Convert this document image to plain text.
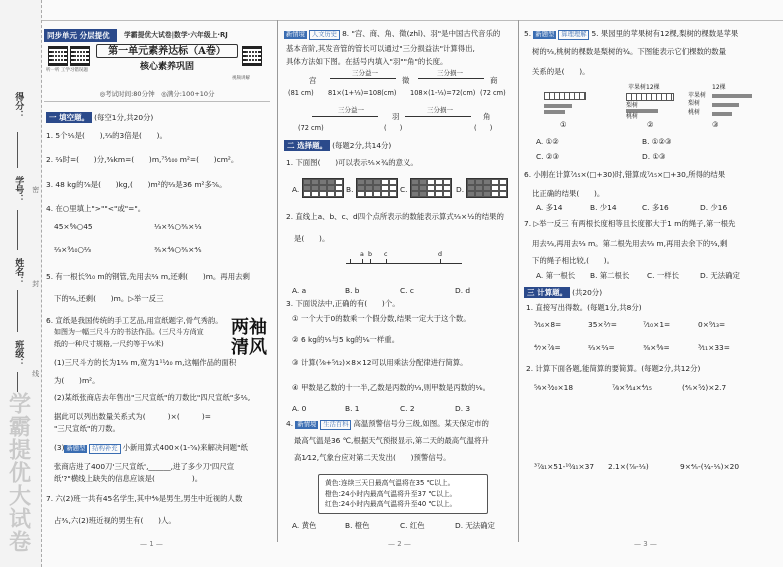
得分：
学号：
姓名：
班级：
密
封
线
学霸提优大试卷
同步单元 分层提优	学霸提优大试卷|数学·六年级上·RJ
听一听 工学习错误题
第一单元素养达标（A卷）
核心素养巩固
视频讲解
◎考试时间:80分钟　◎满分:100+10分
一 填空题。 (每空1分,共20分)
1. 5个⅕是(　　),⅔的3倍是(　　)。
2. ⅔时=(　　)分,⅜km=(　　)m,⁷⁵⁄₁₀₀ m²=(　　)cm²。
3. 48 kg的⅞是(　　)kg,(　　)m²的⅔是36 m²多⅚。
4. 在○里填上">""<"或"="。
45×⁸⁄₉○45	⅓×⅗○⅗×⅓
⅔×⁹⁄₁₀○⅔	⅗×⁴⁄₉○⅗×⅘
5. 有一根长⁹⁄₁₀ m的钢管,先用去⅔ m,还剩(　　)m。再用去剩
下的⅖,还剩(　　)m。▷举一反三
6. 宣纸是我国传统的手工艺品,用宣纸题字,骨气秀韵。
如图为一幅三尺斗方的书法作品。(三尺斗方尚宣
纸的一种尺寸规格,一尺约等于⅓米)
两袖清风
(1)三尺斗方的长为1⅔ m,宽为1¹¹⁄₂₀ m,这幅作品的面积
为(　　)m²。
(2)某纸张商店去年售出"三尺宣纸"的刀数比"四尺宣纸"多⅖,
据此可以列出数量关系式为(　　　)×(　　　)=
"三尺宣纸"的刀数。
(3) 新题型 结构补充 小新用算式400×(1-⅝)来解决问题"纸
张商店进了400刀'三尺宣纸',______,进了多少刀'四尺宣
纸'?"横线上缺失的信息应该是(　　　　　)。
7. 六(2)班一共有45名学生,其中⁴⁄₉是男生,男生中近视的人数
占⅗,六(2)班近视的男生有(　　)人。
— 1 —
新情境 人文历史 8. "宫、商、角、徵(zhǐ)、羽"是中国古代音乐的
基本音阶,其发音管的管长可以通过"三分损益法"计算得出,
具体方法如下图。在括号内填入"羽""角"的长度。
宫
三分益一
徵
三分损一
商
(81 cm) 81×(1+⅓)=108(cm) 108×(1-⅓)=72(cm) (72 cm)
三分益一
羽
三分损一
角
(72 cm)	(　　)	(　　)
二 选择题。 (每题2分,共14分)
1. 下面图(　　)可以表示⅖×¾的意义。
A.	B.	C.	D.
2. 直线上a、b、c、d四个点所表示的数能表示算式⅔×½的结果的
是(　　)。
a b c	d
A. a	B. b	C. c	D. d
3. 下面说法中,正确的有(　　)个。
① 一个大于0的数乘一个假分数,结果一定大于这个数。
② 6 kg的⅕与5 kg的⅙一样重。
③ 计算(⁷⁄₈+⁵⁄₁₂)×8×12可以用乘法分配律进行简算。
④ 甲数是乙数的十一半,乙数是丙数的⅓,则甲数是丙数的⅙。
A. 0	B. 1	C. 2	D. 3
4. 新情境 生活百科 高温预警信号分三级,如图。某天保定市的
最高气温是36 ℃,根据天气预报显示,第二天的最高气温将升
高1⁄12,气象台应对第二天发出(　　)预警信号。
黄色:连续三天日最高气温将在35 ℃以上。
橙色:24小时内最高气温将升至37 ℃以上。
红色:24小时内最高气温将升至40 ℃以上。
A. 黄色	B. 橙色	C. 红色	D. 无法确定
— 2 —
5. 新题型 算理理解 5. 果园里的苹果树有12棵,梨树的棵数是苹果
树的⅔,桃树的棵数是梨树的¾。下图能表示它们棵数的数量
关系的是(　　)。
①
苹果树12棵
梨树
桃树
②
12棵
苹果树
梨树
桃树
③
A. ①②	B. ①②③
C. ②③	D. ①③
6. 小刚在计算⁷⁄₁₅×(□+30)时,错算成⁷⁄₁₅×□+30,所得的结果
比正确的结果(　　)。
A. 多14	B. 少14	C. 多16	D. 少16
7. ▷举一反三 有两根长度相等且长度都大于1 m的绳子,第一根先
用去⅔,再用去⅔ m。第二根先用去⅔ m,再用去余下的⅔,剩
下的绳子相比较,(　　)。
A. 第一根长 B. 第二根长 C. 一样长	D. 无法确定
三 计算题。 (共20分)
1. 直接写出得数。(每题1分,共8分)
³⁄₁₆×8=	35×²⁄₇=	⁷⁄₁₀×1=	0×⁹⁄₁₃=
⁴⁄₇×⁷⁄₈=	⅔×⅔=	⅜×⁸⁄₉=	³⁄₁₁×33=
2. 计算下面各题,能简算的要简算。(每题2分,共12分)
⁵⁄₉×³⁄₂₀×18	⁷⁄₈×⁹⁄₁₄×⁴⁄₁₅	(⅘×⁵⁄₂)×2.7
³⁷⁄₄₁×51-¹⁰⁄₄₁×37 2.1×(⅞-⅓)	9×⅘-(¼-⅕)×20
— 3 —
